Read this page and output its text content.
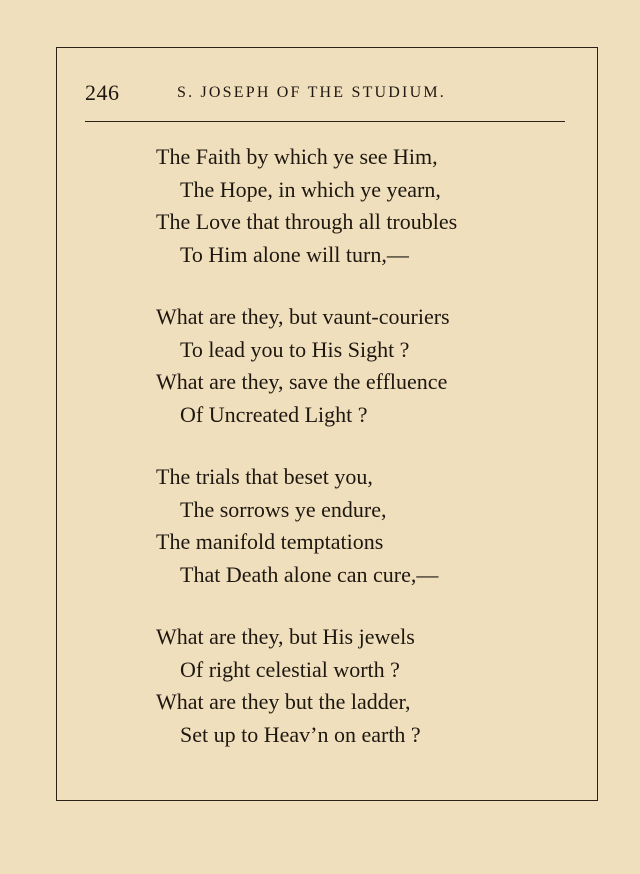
246	S. JOSEPH OF THE STUDIUM.
The Faith by which ye see Him,
The Hope, in which ye yearn,
The Love that through all troubles
To Him alone will turn,—
What are they, but vaunt-couriers
To lead you to His Sight ?
What are they, save the effluence
Of Uncreated Light ?
The trials that beset you,
The sorrows ye endure,
The manifold temptations
That Death alone can cure,—
What are they, but His jewels
Of right celestial worth ?
What are they but the ladder,
Set up to Heav’n on earth ?
